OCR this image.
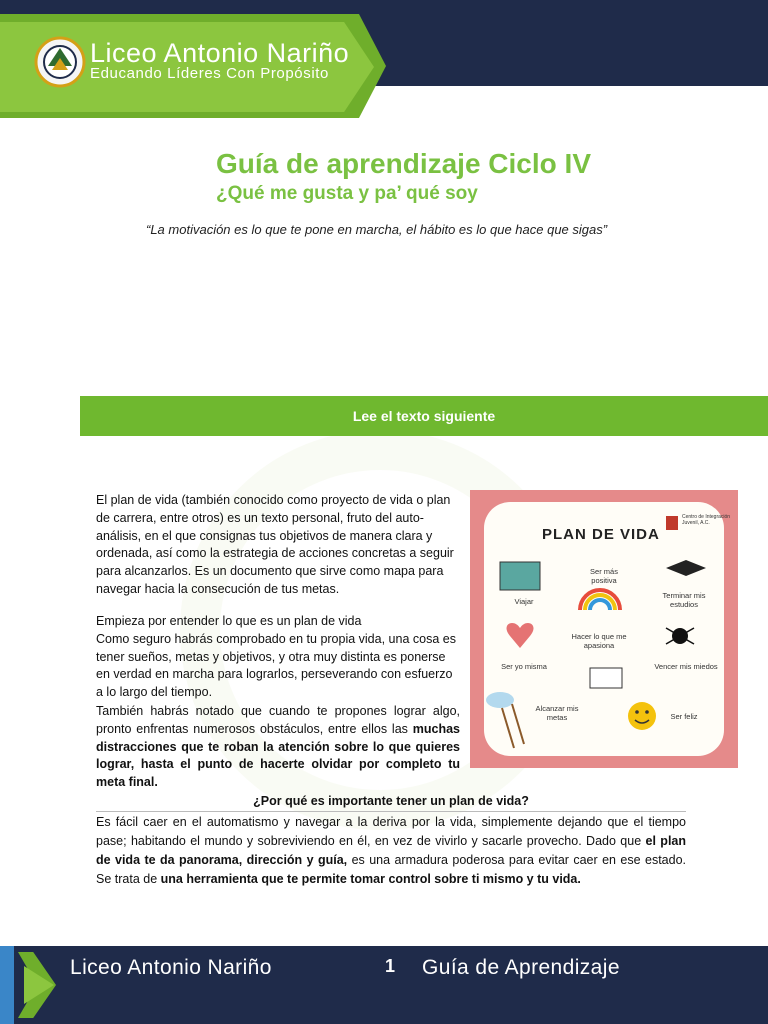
Liceo Antonio Nariño
Educando Líderes Con Propósito
Guía de aprendizaje Ciclo IV
¿Qué me gusta y pa’ qué soy
“La motivación es lo que te pone en marcha, el hábito es lo que hace que sigas”
Lee el texto siguiente
El plan de vida (también conocido como proyecto de vida o plan de carrera, entre otros) es un texto personal, fruto del auto-análisis, en el que consignas tus objetivos de manera clara y ordenada, así como la estrategia de acciones concretas a seguir para alcanzarlos. Es un documento que sirve como mapa para navegar hacia la consecución de tus metas.
Empieza por entender lo que es un plan de vida
Como seguro habrás comprobado en tu propia vida, una cosa es tener sueños, metas y objetivos, y otra muy distinta es ponerse en verdad en marcha para lograrlos, perseverando con esfuerzo a lo largo del tiempo.
También habrás notado que cuando te propones lograr algo, pronto enfrentas numerosos obstáculos, entre ellos las muchas distracciones que te roban la atención sobre lo que quieres lograr, hasta el punto de hacerte olvidar por completo tu meta final.
PLAN DE VIDA
Centro de Integración Juvenil, A.C.
Viajar
Ser más positiva
Terminar mis estudios
Ser yo misma
Hacer lo que me apasiona
Vencer mis miedos
Alcanzar mis metas	Ser feliz
¿Por qué es importante tener un plan de vida?
Es fácil caer en el automatismo y navegar a la deriva por la vida, simplemente dejando que el tiempo pase; habitando el mundo y sobreviviendo en él, en vez de vivirlo y sacarle provecho. Dado que el plan de vida te da panorama, dirección y guía, es una armadura poderosa para evitar caer en ese estado. Se trata de una herramienta que te permite tomar control sobre ti mismo y tu vida.
Liceo Antonio Nariño	1 Guía de Aprendizaje
